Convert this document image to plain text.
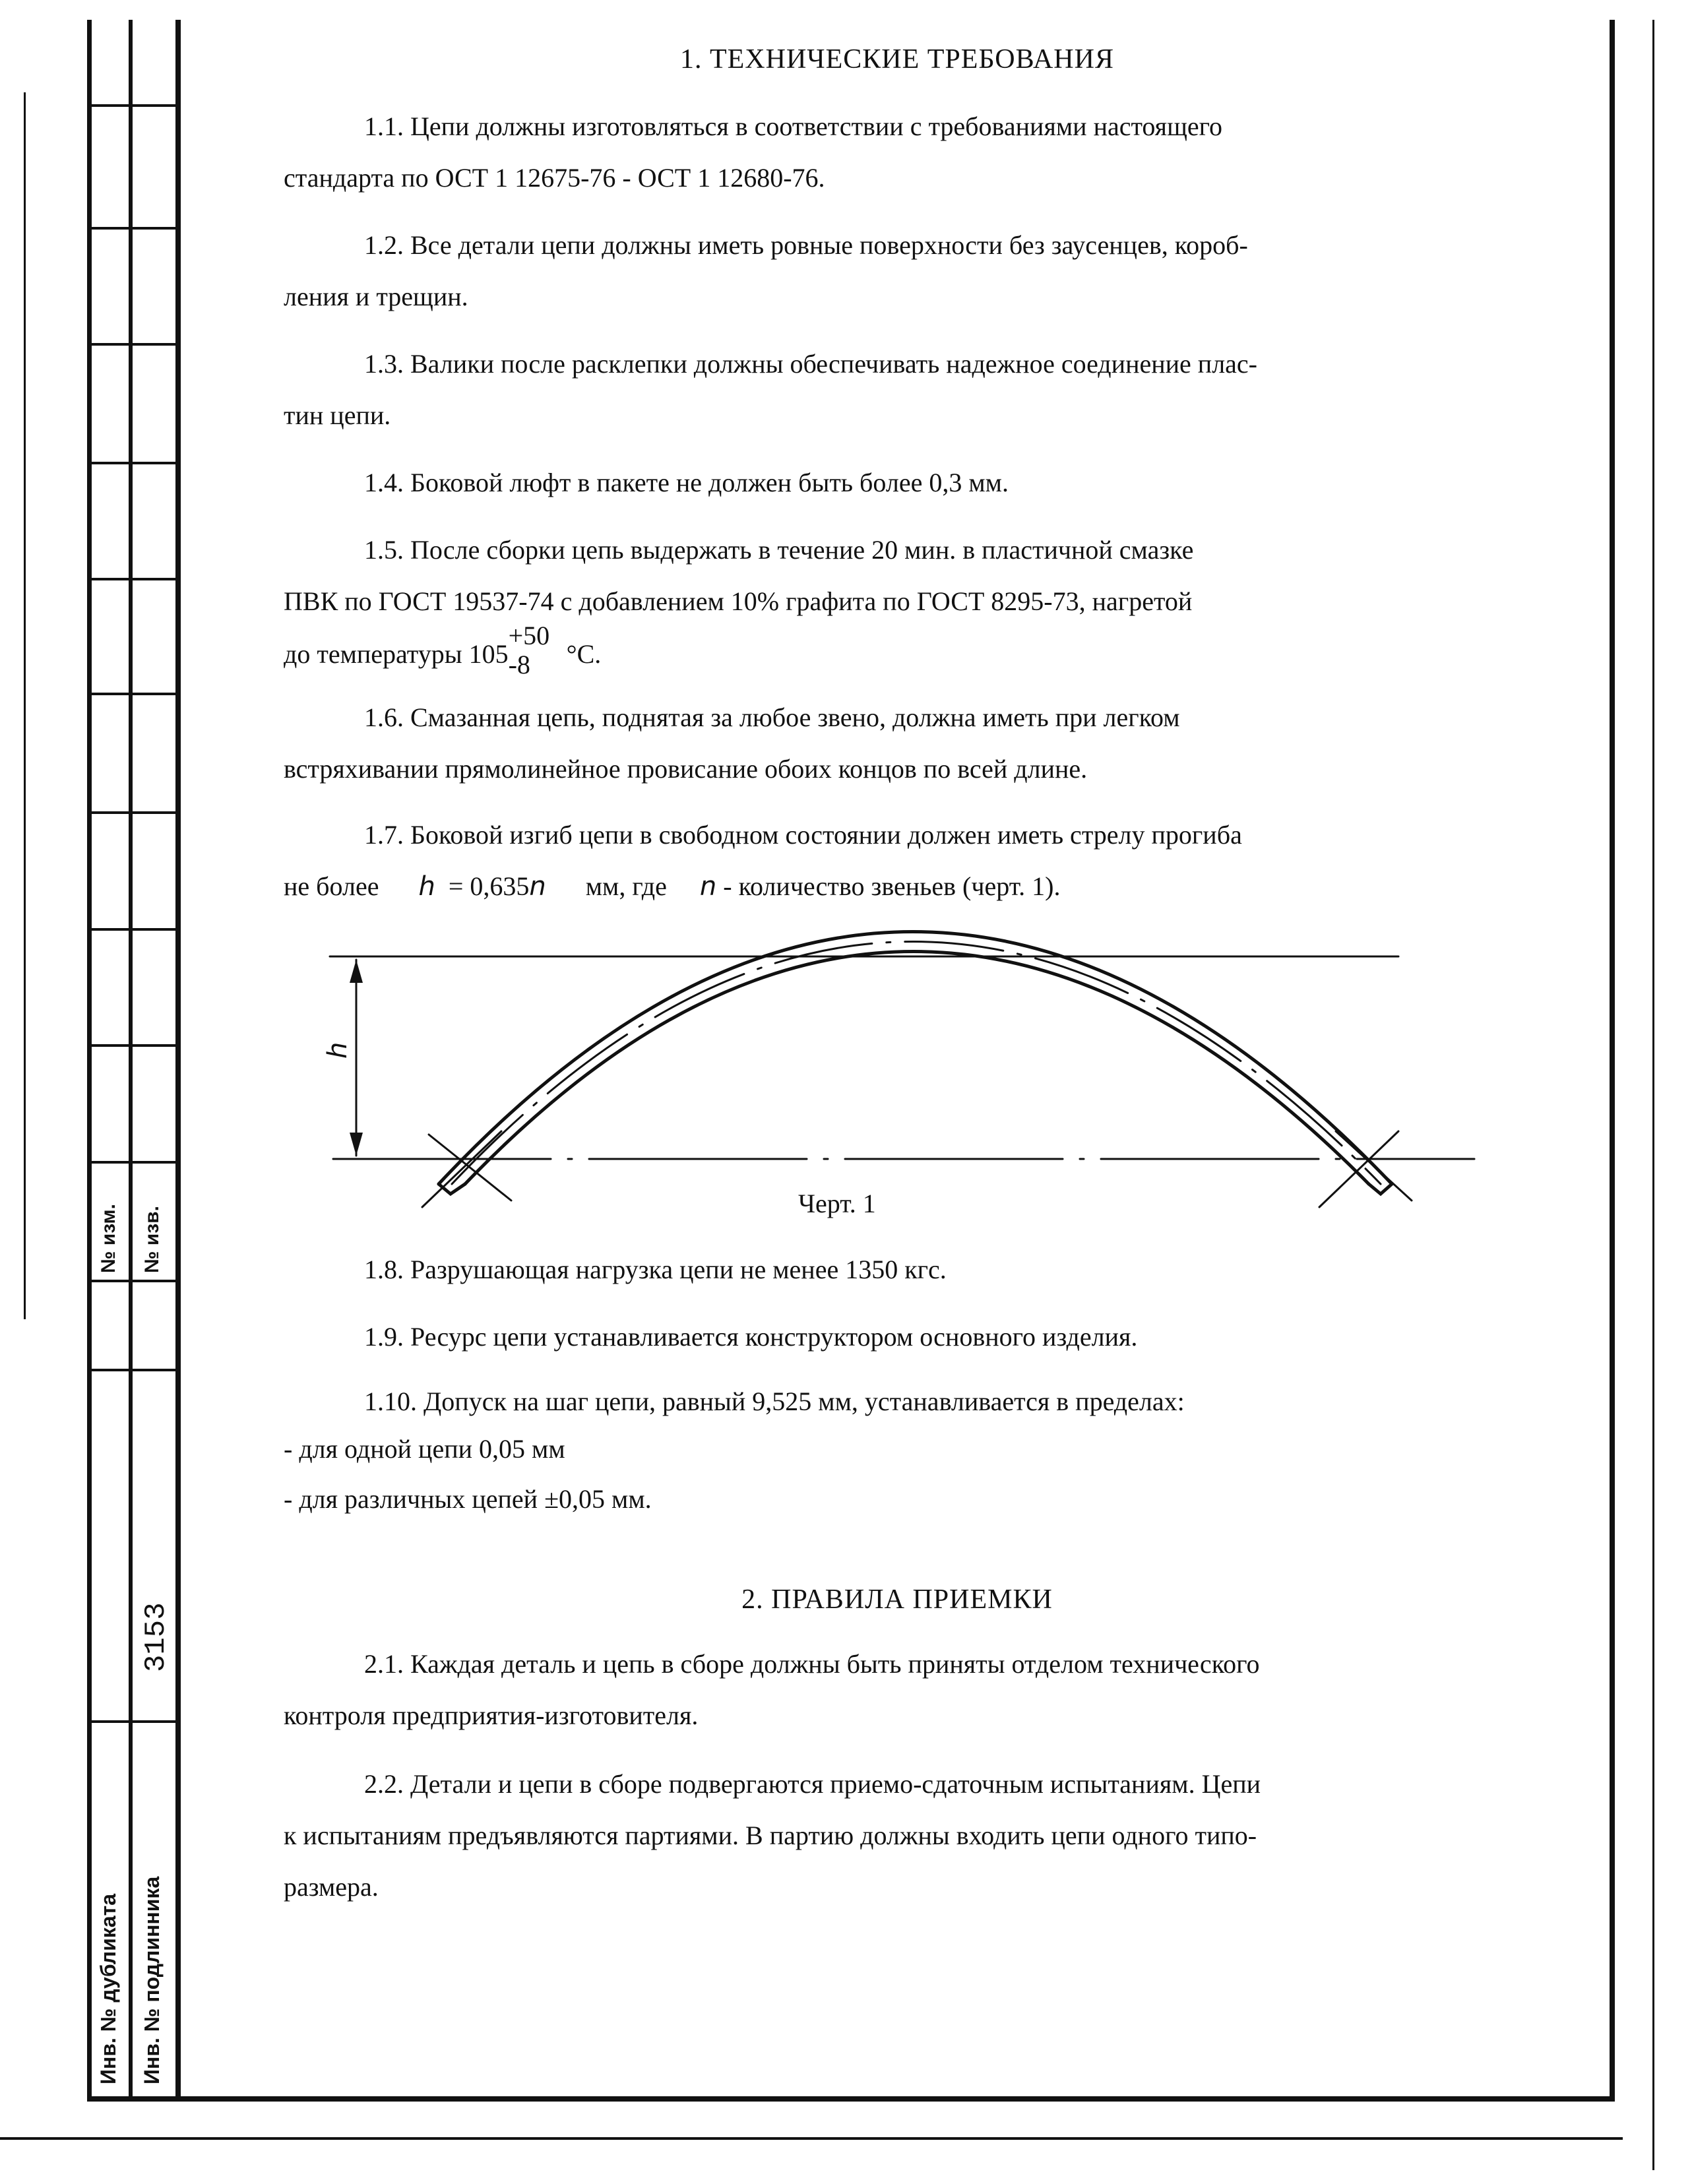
№ изм. № изв.
3153
Инв. № дубликата Инв. № подлинника
1. ТЕХНИЧЕСКИЕ ТРЕБОВАНИЯ

1.1. Цепи должны изготовляться в соответствии с требованиями настоящего

стандарта по ОСТ 1 12675-76 - ОСТ 1 12680-76.

1.2. Все детали цепи должны иметь ровные поверхности без заусенцев, короб-

ления и трещин.

1.3. Валики после расклепки должны обеспечивать надежное соединение плас-

тин цепи.

1.4. Боковой люфт в пакете не должен быть более 0,3 мм.

1.5. После сборки цепь выдержать в течение 20 мин. в пластичной смазке

ПВК по ГОСТ 19537-74 с добавлением 10% графита по ГОСТ 8295-73, нагретой

до температуры 105
+50
-8 °С.

1.6. Смазанная цепь, поднятая за любое звено, должна иметь при легком

встряхивании прямолинейное провисание обоих концов по всей длине.

1.7. Боковой изгиб цепи в свободном состоянии должен иметь стрелу прогиба

не более h = 0,635n мм, где n - количество звеньев (черт. 1).

h
Черт. 1

1.8. Разрушающая нагрузка цепи не менее 1350 кгс.

1.9. Ресурс цепи устанавливается конструктором основного изделия.

1.10. Допуск на шаг цепи, равный 9,525 мм, устанавливается в пределах:

- для одной цепи 0,05 мм

- для различных цепей ±0,05 мм.

2. ПРАВИЛА ПРИЕМКИ

2.1. Каждая деталь и цепь в сборе должны быть приняты отделом технического

контроля предприятия-изготовителя.

2.2. Детали и цепи в сборе подвергаются приемо-сдаточным испытаниям. Цепи

к испытаниям предъявляются партиями. В партию должны входить цепи одного типо-

размера.
